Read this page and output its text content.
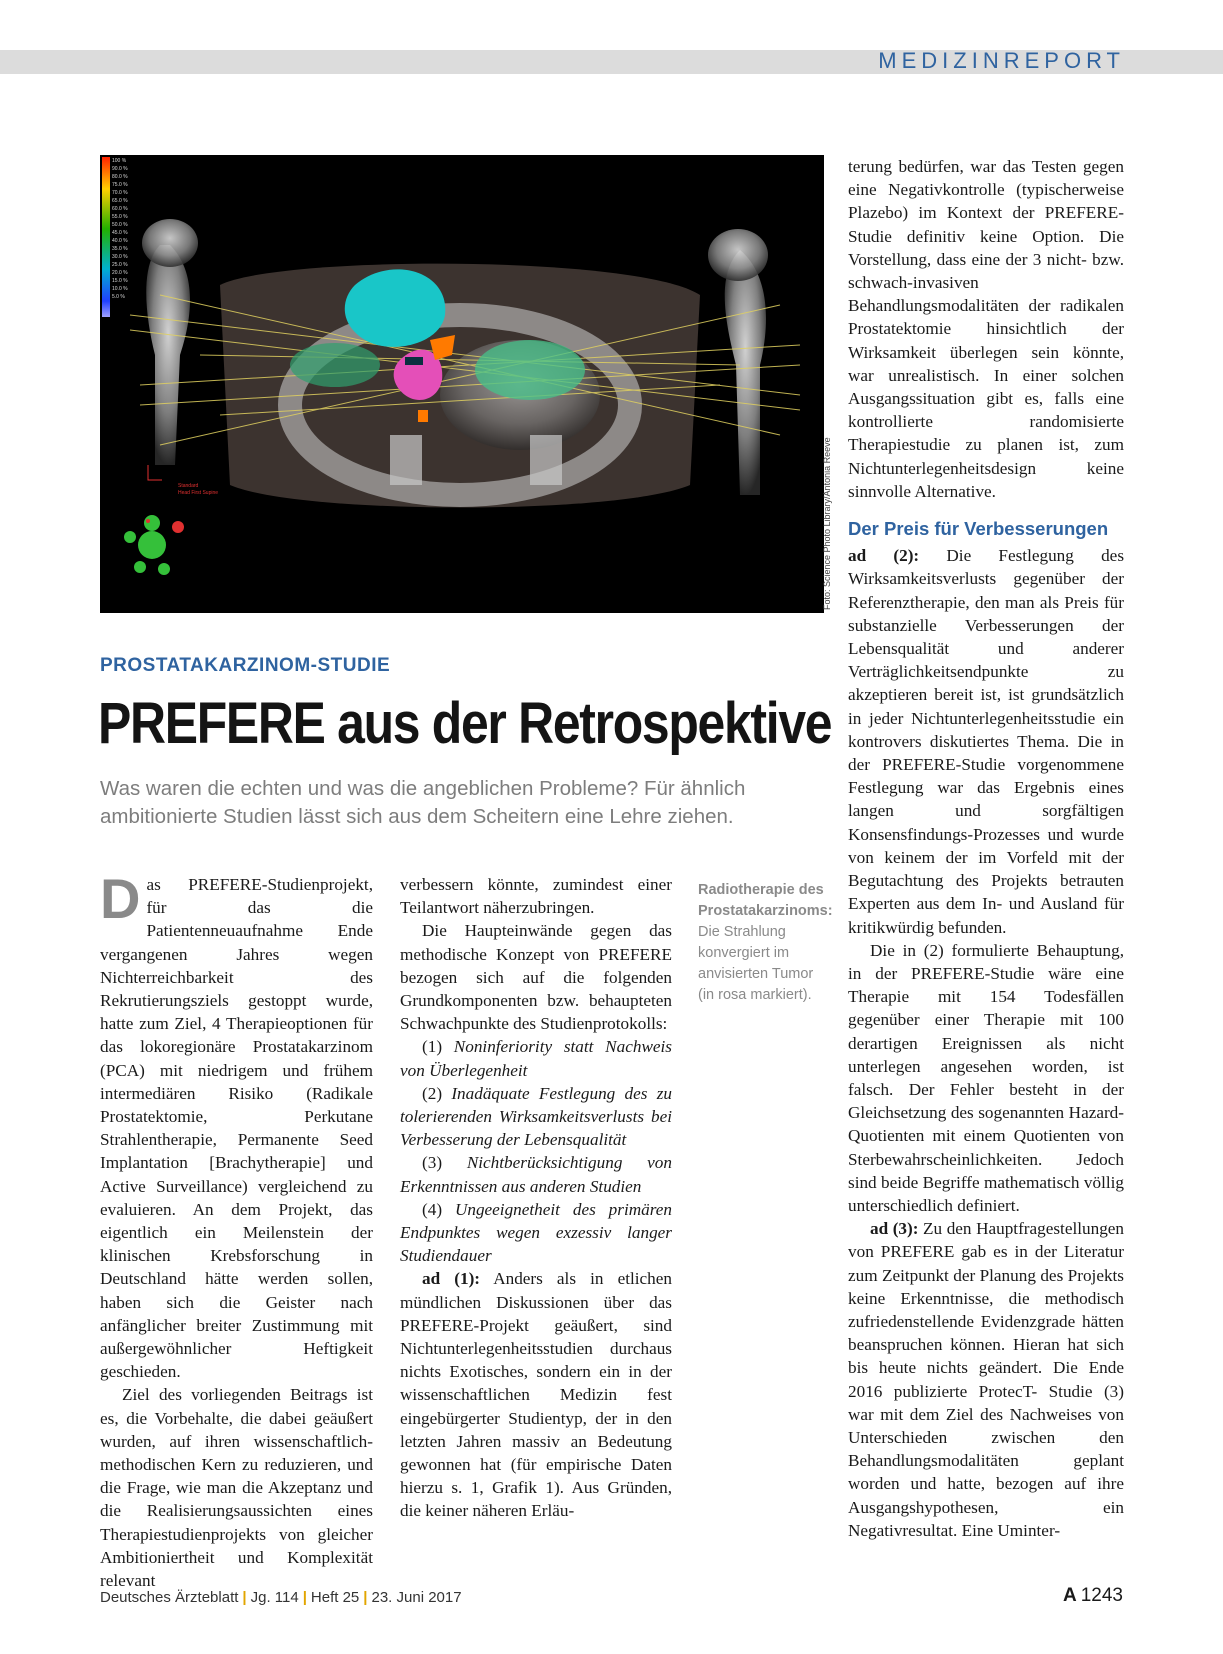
MEDIZINREPORT
100 %
90.0 %
80.0 %
75.0 %
70.0 %
65.0 %
60.0 %
55.0 %
50.0 %
45.0 %
40.0 %
35.0 %
30.0 %
25.0 %
20.0 %
15.0 %
10.0 %
5.0 %
Standard
Head First Supine	Foto: Science Photo Library/Antonia Reeve
PROSTATAKARZINOM-STUDIE
PREFERE aus der Retrospektive
Was waren die echten und was die angeblichen Probleme? Für ähnlich ambitionierte Studien lässt sich aus dem Scheitern eine Lehre ziehen.

Das PREFERE-Studienprojekt, für das die Patientenneuaufnahme Ende vergangenen Jahres wegen Nichterreichbarkeit des Rekrutierungsziels gestoppt wurde, hatte zum Ziel, 4 Therapieoptionen für das lokoregionäre Prostatakarzinom (PCA) mit niedrigem und frühem intermediären Risiko (Radikale Prostatektomie, Perkutane Strahlentherapie, Permanente Seed Implantation [Brachytherapie] und Active Surveillance) vergleichend zu evaluieren. An dem Projekt, das eigentlich ein Meilenstein der klinischen Krebsforschung in Deutschland hätte werden sollen, haben sich die Geister nach anfänglicher breiter Zustimmung mit außergewöhnlicher Heftigkeit geschieden.

Ziel des vorliegenden Beitrags ist es, die Vorbehalte, die dabei geäußert wurden, auf ihren wissenschaftlich-methodischen Kern zu reduzieren, und die Frage, wie man die Akzeptanz und die Realisierungsaussichten eines Therapiestudienprojekts von gleicher Ambitioniertheit und Komplexität relevant

verbessern könnte, zumindest einer Teilantwort näherzubringen.

Die Haupteinwände gegen das methodische Konzept von PREFERE bezogen sich auf die folgenden Grundkomponenten bzw. behaupteten Schwachpunkte des Studienprotokolls:

(1) Noninferiority statt Nachweis von Überlegenheit

(2) Inadäquate Festlegung des zu tolerierenden Wirksamkeitsverlusts bei Verbesserung der Lebensqualität

(3) Nichtberücksichtigung von Erkenntnissen aus anderen Studien

(4) Ungeeignetheit des primären Endpunktes wegen exzessiv langer Studiendauer

ad (1): Anders als in etlichen mündlichen Diskussionen über das PREFERE-Projekt geäußert, sind Nichtunterlegenheitsstudien durchaus nichts Exotisches, sondern ein in der wissenschaftlichen Medizin fest eingebürgerter Studientyp, der in den letzten Jahren massiv an Bedeutung gewonnen hat (für empirische Daten hierzu s. 1, Grafik 1). Aus Gründen, die keiner näheren Erläu-

Radiotherapie des Prostatakarzinoms:
Die Strahlung konvergiert im anvisierten Tumor (in rosa markiert).

terung bedürfen, war das Testen gegen eine Negativkontrolle (typischerweise Plazebo) im Kontext der PREFERE-Studie definitiv keine Option. Die Vorstellung, dass eine der 3 nicht- bzw. schwach-invasiven Behandlungsmodalitäten der radikalen Prostatektomie hinsichtlich der Wirksamkeit überlegen sein könnte, war unrealistisch. In einer solchen Ausgangssituation gibt es, falls eine kontrollierte randomisierte Therapiestudie zu planen ist, zum Nichtunterlegenheitsdesign keine sinnvolle Alternative.

Der Preis für Verbesserungen

ad (2): Die Festlegung des Wirksamkeitsverlusts gegenüber der Referenztherapie, den man als Preis für substanzielle Verbesserungen der Lebensqualität und anderer Verträglichkeitsendpunkte zu akzeptieren bereit ist, ist grundsätzlich in jeder Nichtunterlegenheitsstudie ein kontrovers diskutiertes Thema. Die in der PREFERE-Studie vorgenommene Festlegung war das Ergebnis eines langen und sorgfältigen Konsensfindungs-Prozesses und wurde von keinem der im Vorfeld mit der Begutachtung des Projekts betrauten Experten aus dem In- und Ausland für kritikwürdig befunden.

Die in (2) formulierte Behauptung, in der PREFERE-Studie wäre eine Therapie mit 154 Todesfällen gegenüber einer Therapie mit 100 derartigen Ereignissen als nicht unterlegen angesehen worden, ist falsch. Der Fehler besteht in der Gleichsetzung des sogenannten Hazard-Quotienten mit einem Quotienten von Sterbewahrscheinlichkeiten. Jedoch sind beide Begriffe mathematisch völlig unterschiedlich definiert.

ad (3): Zu den Hauptfragestellungen von PREFERE gab es in der Literatur zum Zeitpunkt der Planung des Projekts keine Erkenntnisse, die methodisch zufriedenstellende Evidenzgrade hätten beanspruchen können. Hieran hat sich bis heute nichts geändert. Die Ende 2016 publizierte ProtecT- Studie (3) war mit dem Ziel des Nachweises von Unterschieden zwischen den Behandlungsmodalitäten geplant worden und hatte, bezogen auf ihre Ausgangshypothesen, ein Negativresultat. Eine Uminter-

Deutsches Ärzteblatt | Jg. 114 | Heft 25 | 23. Juni 2017	A 1243
